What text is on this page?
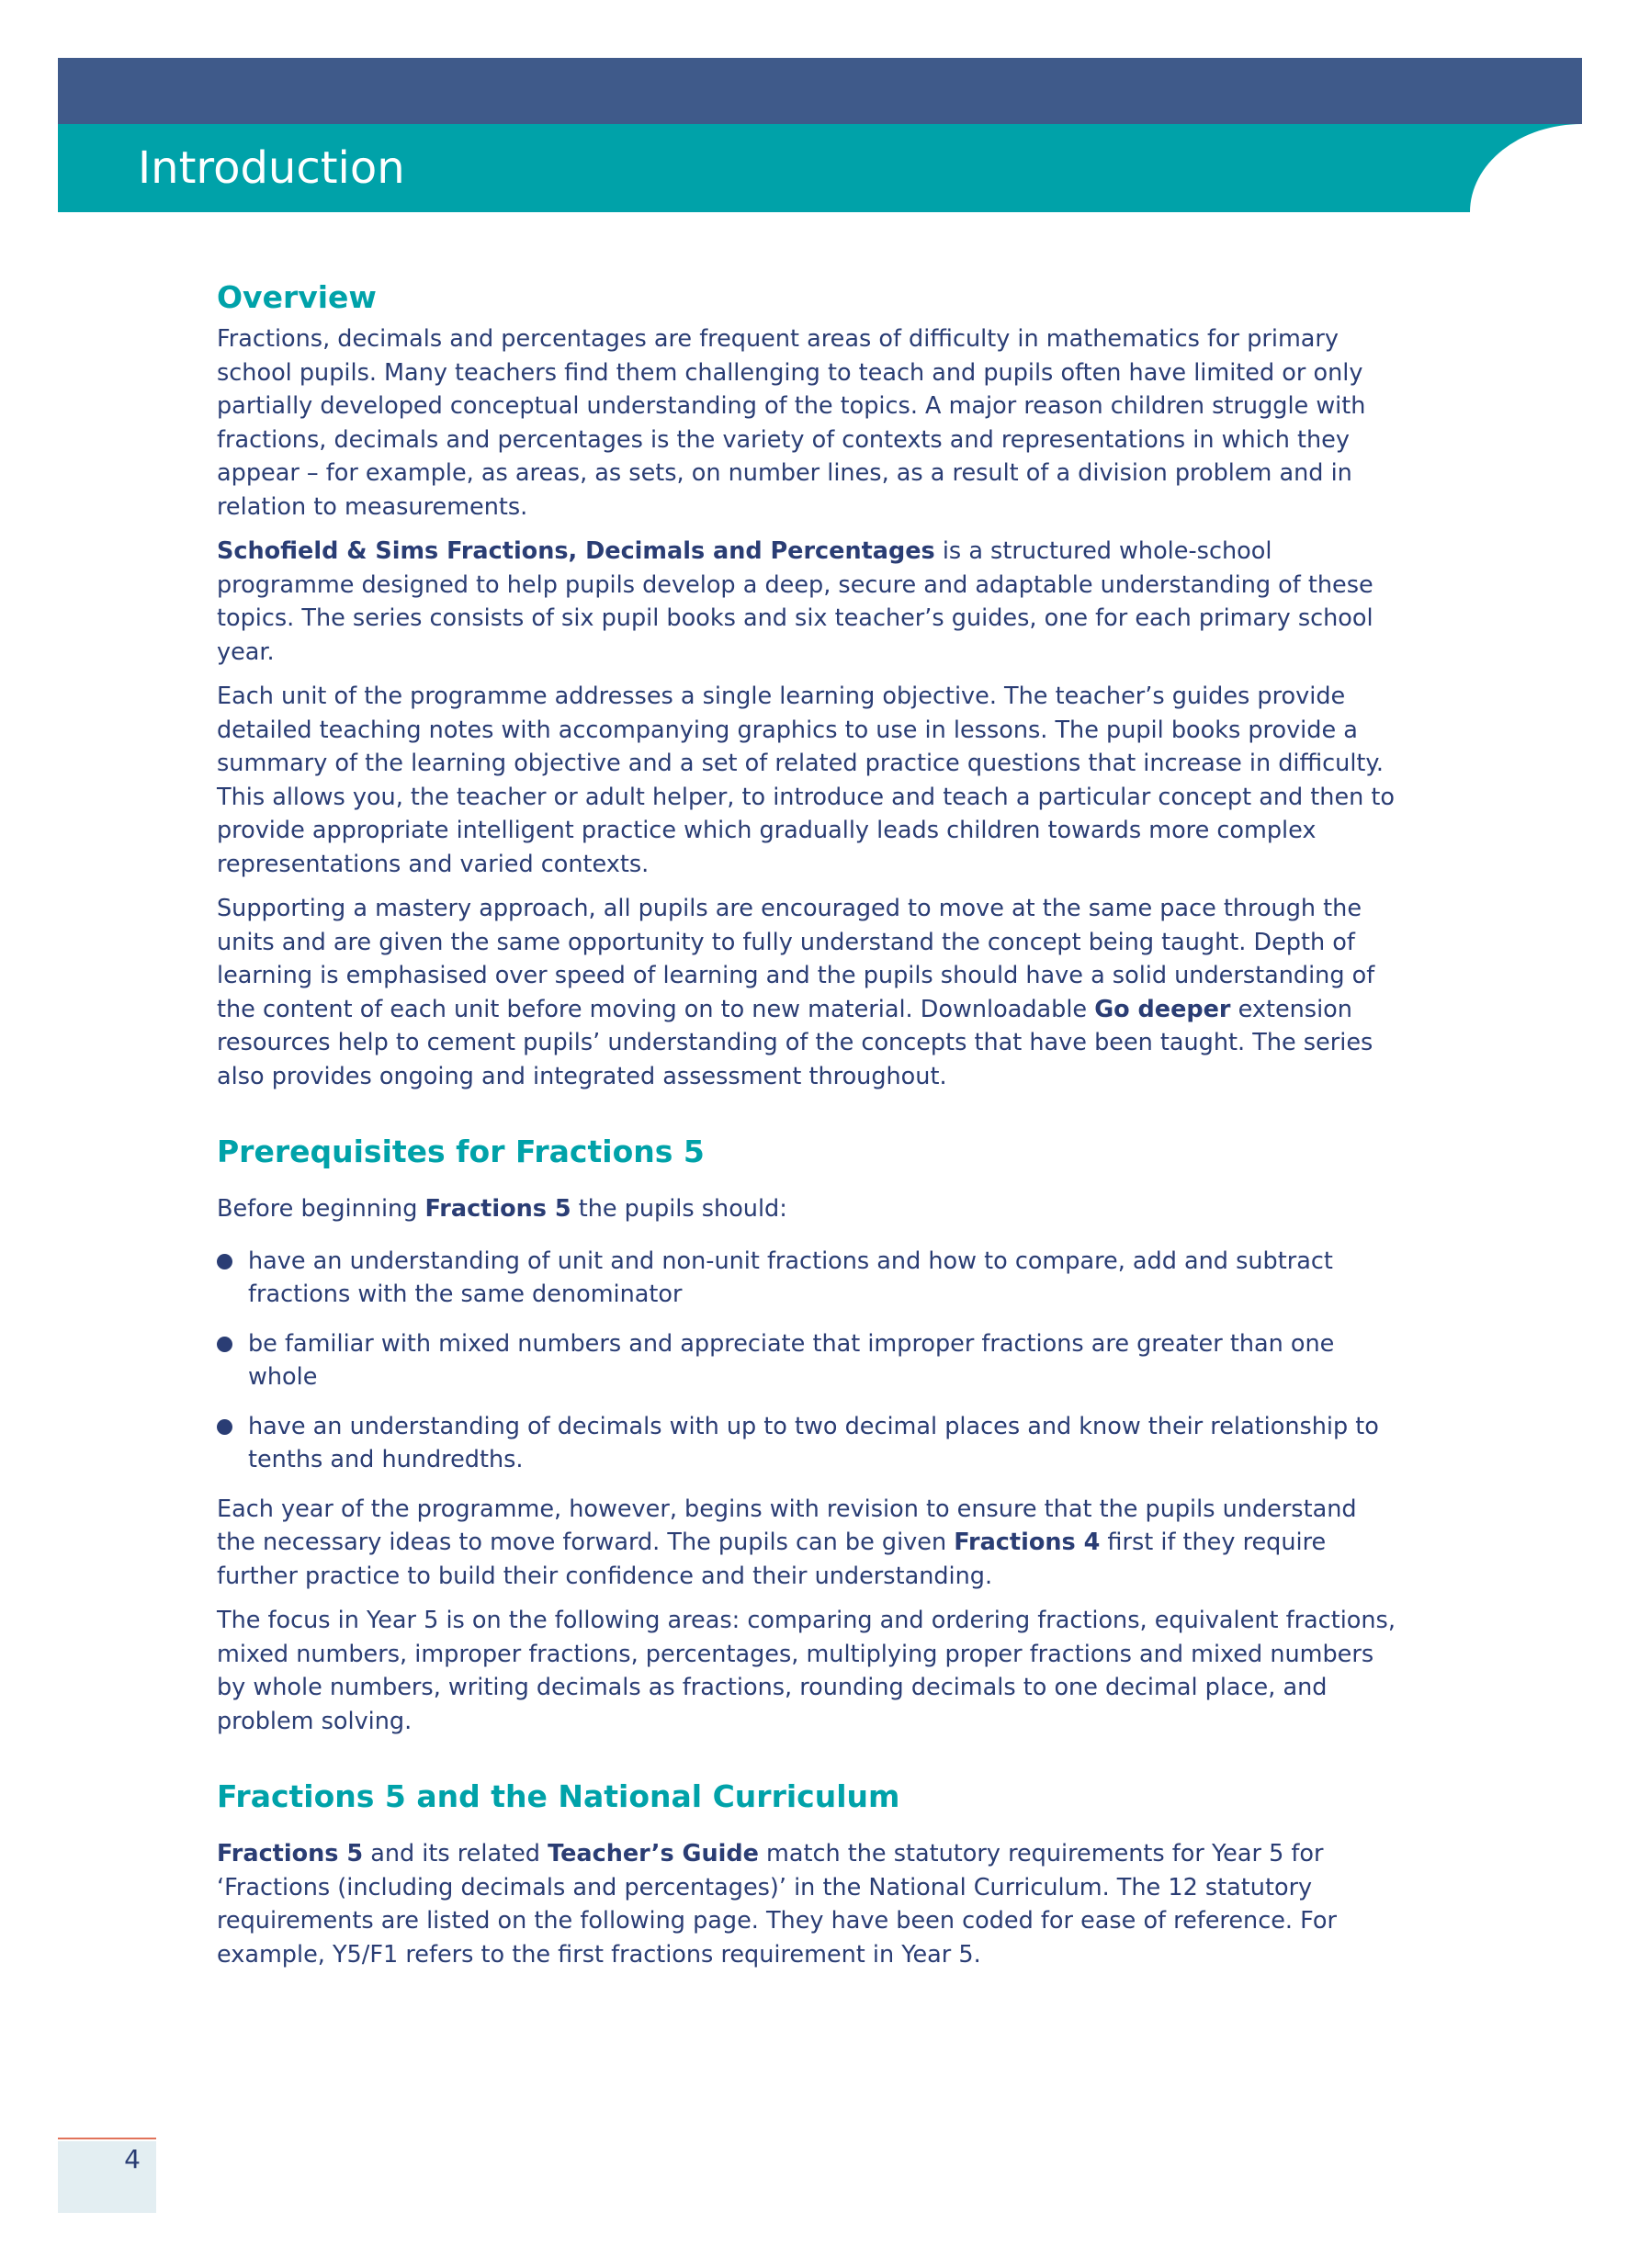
Introduction
Overview

Fractions, decimals and percentages are frequent areas of difficulty in mathematics for primary school pupils. Many teachers find them challenging to teach and pupils often have limited or only partially developed conceptual understanding of the topics. A major reason children struggle with fractions, decimals and percentages is the variety of contexts and representations in which they appear – for example, as areas, as sets, on number lines, as a result of a division problem and in relation to measurements.

Schofield & Sims Fractions, Decimals and Percentages is a structured whole-school programme designed to help pupils develop a deep, secure and adaptable understanding of these topics. The series consists of six pupil books and six teacher’s guides, one for each primary school year.

Each unit of the programme addresses a single learning objective. The teacher’s guides provide detailed teaching notes with accompanying graphics to use in lessons. The pupil books provide a summary of the learning objective and a set of related practice questions that increase in difficulty. This allows you, the teacher or adult helper, to introduce and teach a particular concept and then to provide appropriate intelligent practice which gradually leads children towards more complex representations and varied contexts.

Supporting a mastery approach, all pupils are encouraged to move at the same pace through the units and are given the same opportunity to fully understand the concept being taught. Depth of learning is emphasised over speed of learning and the pupils should have a solid understanding of the content of each unit before moving on to new material. Downloadable Go deeper extension resources help to cement pupils’ understanding of the concepts that have been taught. The series also provides ongoing and integrated assessment throughout.

Prerequisites for Fractions 5

Before beginning Fractions 5 the pupils should:

have an understanding of unit and non-unit fractions and how to compare, add and subtract fractions with the same denominator
be familiar with mixed numbers and appreciate that improper fractions are greater than one whole
have an understanding of decimals with up to two decimal places and know their relationship to tenths and hundredths.

Each year of the programme, however, begins with revision to ensure that the pupils understand the necessary ideas to move forward. The pupils can be given Fractions 4 first if they require further practice to build their confidence and their understanding.

The focus in Year 5 is on the following areas: comparing and ordering fractions, equivalent fractions, mixed numbers, improper fractions, percentages, multiplying proper fractions and mixed numbers by whole numbers, writing decimals as fractions, rounding decimals to one decimal place, and problem solving.

Fractions 5 and the National Curriculum

Fractions 5 and its related Teacher’s Guide match the statutory requirements for Year 5 for ‘Fractions (including decimals and percentages)’ in the National Curriculum. The 12 statutory requirements are listed on the following page. They have been coded for ease of reference. For example, Y5/F1 refers to the first fractions requirement in Year 5.

4
